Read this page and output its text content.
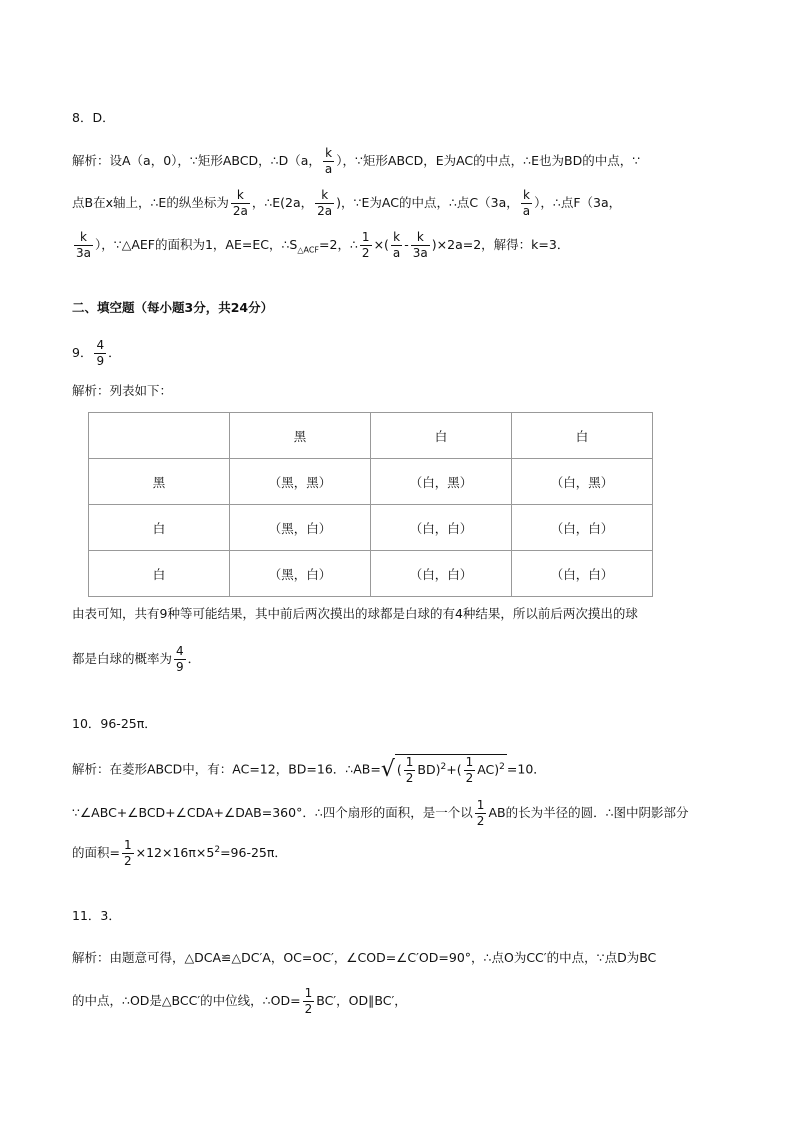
8．D．
解析：设A（a，0），∵矩形ABCD，∴D（a， $\frac{k}{a}$ ），∵矩形ABCD，E为AC的中点，∴E也为BD的中点，∵
点B在x轴上，∴E的纵坐标为 $\frac{k}{2a}$ ，∴E(2a， $\frac{k}{2a}$ )，∵E为AC的中点，∴点C（3a， $\frac{k}{a}$ ），∴点F（3a，
$\frac{k}{3a}$ ），∵△AEF的面积为1，AE=EC，$\therefore S_{\triangle ACF}=2$，∴ $\frac{1}{2}$ ×( $\frac{k}{a} - \frac{k}{3a} )\times 2a=2$，解得：k=3．
二、填空题（每小题3分，共24分）
9． $\frac{4}{9}$ ．
解析：列表如下：
	黑	白	白
黑	（黑，黑）	（白，黑）	（白，黑）
白	（黑，白）	（白，白）	（白，白）
白	（黑，白）	（白，白）	（白，白）
由表可知，共有9种等可能结果，其中前后两次摸出的球都是白球的有4种结果，所以前后两次摸出的球
都是白球的概率为 $\frac{4}{9}$ ．
10．96-25π．
解析：在菱形ABCD中，有：AC=12，BD=16．∴AB=√ ( $\frac{1}{2} BD)^2+( \frac{1}{2} AC)^2 =10$．
∵∠ABC+∠BCD+∠CDA+∠DAB=360°．∴四个扇形的面积，是一个以 $\frac{1}{2}$ AB的长为半径的圆．∴图中阴影部分
的面积= $\frac{1}{2} \times 12\times 16\pi\times 5^2=96-25\pi$．
11．3．
解析：由题意可得，△DCA≌△DC′A，OC=OC′，∠COD=∠C′OD=90°，∴点O为CC′的中点，∵点D为BC
的中点，∴OD是△BCC′的中位线，∴OD= $\frac{1}{2} BC'$，OD∥BC′，
